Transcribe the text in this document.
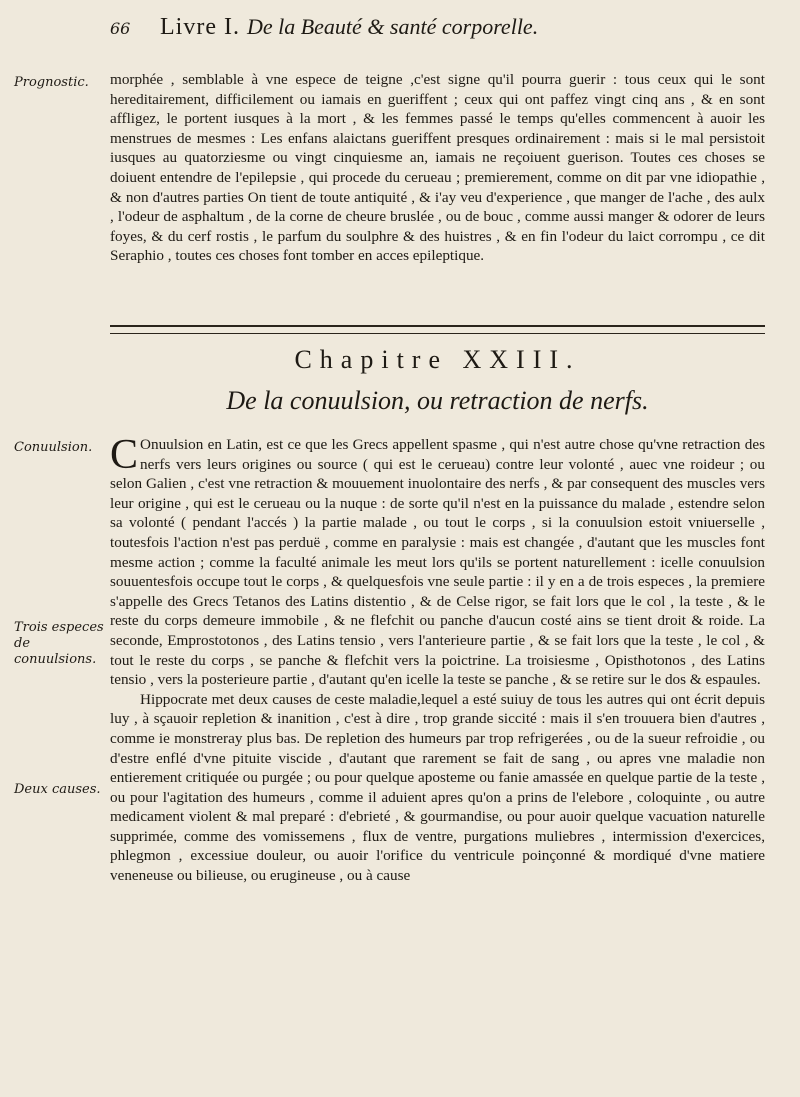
66	Livre I. De la Beauté & santé corporelle.
Prognostic.	morphée , semblable à vne espece de teigne ,c'est signe qu'il pourra guerir : tous ceux qui le sont hereditairement, difficilement ou iamais en gueriffent ; ceux qui ont paffez vingt cinq ans , & en sont affligez, le portent iusques à la mort , & les femmes passé le temps qu'elles commencent à auoir les menstrues de mesmes : Les enfans alaictans gueriffent presques ordinairement : mais si le mal persistoit iusques au quatorziesme ou vingt cinquiesme an, iamais ne reçoiuent guerison. Toutes ces choses se doiuent entendre de l'epilepsie , qui procede du cerueau ; premierement, comme on dit par vne idiopathie , & non d'autres parties On tient de toute antiquité , & i'ay veu d'experience , que manger de l'ache , des aulx , l'odeur de asphaltum , de la corne de cheure bruslée , ou de bouc , comme aussi manger & odorer de leurs foyes, & du cerf rostis , le parfum du soulphre & des huistres , & en fin l'odeur du laict corrompu , ce dit Seraphio , toutes ces choses font tomber en acces epileptique.
Chapitre XXIII.
De la conuulsion, ou retraction de nerfs.
Conuulsion.
Trois especes de conuulsions.
Deux causes.

C Onuulsion en Latin, est ce que les Grecs appellent spasme , qui n'est autre chose qu'vne retraction des nerfs vers leurs origines ou source ( qui est le cerueau) contre leur volonté , auec vne roideur ; ou selon Galien , c'est vne retraction & mouuement inuolontaire des nerfs , & par consequent des muscles vers leur origine , qui est le cerueau ou la nuque : de sorte qu'il n'est en la puissance du malade , estendre selon sa volonté ( pendant l'accés ) la partie malade , ou tout le corps , si la conuulsion estoit vniuerselle , toutesfois l'action n'est pas perduë , comme en paralysie : mais est changée , d'autant que les muscles font mesme action ; comme la faculté animale les meut lors qu'ils se portent naturellement : icelle conuulsion souuentesfois occupe tout le corps , & quelquesfois vne seule partie : il y en a de trois especes , la premiere s'appelle des Grecs Tetanos des Latins distentio , & de Celse rigor, se fait lors que le col , la teste , & le reste du corps demeure immobile , & ne flefchit ou panche d'aucun costé ains se tient droit & roide. La seconde, Emprostotonos , des Latins tensio , vers l'anterieure partie , & se fait lors que la teste , le col , & tout le reste du corps , se panche & flefchit vers la poictrine. La troisiesme , Opisthotonos , des Latins tensio , vers la posterieure partie , d'autant qu'en icelle la teste se panche , & se retire sur le dos & espaules.

Hippocrate met deux causes de ceste maladie,lequel a esté suiuy de tous les autres qui ont écrit depuis luy , à sçauoir repletion & inanition , c'est à dire , trop grande siccité : mais il s'en trouuera bien d'autres , comme ie monstreray plus bas. De repletion des humeurs par trop refrigerées , ou de la sueur refroidie , ou d'estre enflé d'vne pituite viscide , d'autant que rarement se fait de sang , ou apres vne maladie non entierement critiquée ou purgée ; ou pour quelque aposteme ou fanie amassée en quelque partie de la teste , ou pour l'agitation des humeurs , comme il aduient apres qu'on a prins de l'elebore , coloquinte , ou autre medicament violent & mal preparé : d'ebrieté , & gourmandise, ou pour auoir quelque vacuation naturelle supprimée, comme des vomissemens , flux de ventre, purgations muliebres , intermission d'exercices, phlegmon , excessiue douleur, ou auoir l'orifice du ventricule poinçonné & mordiqué d'vne matiere veneneuse ou bilieuse, ou erugineuse , ou à cause
